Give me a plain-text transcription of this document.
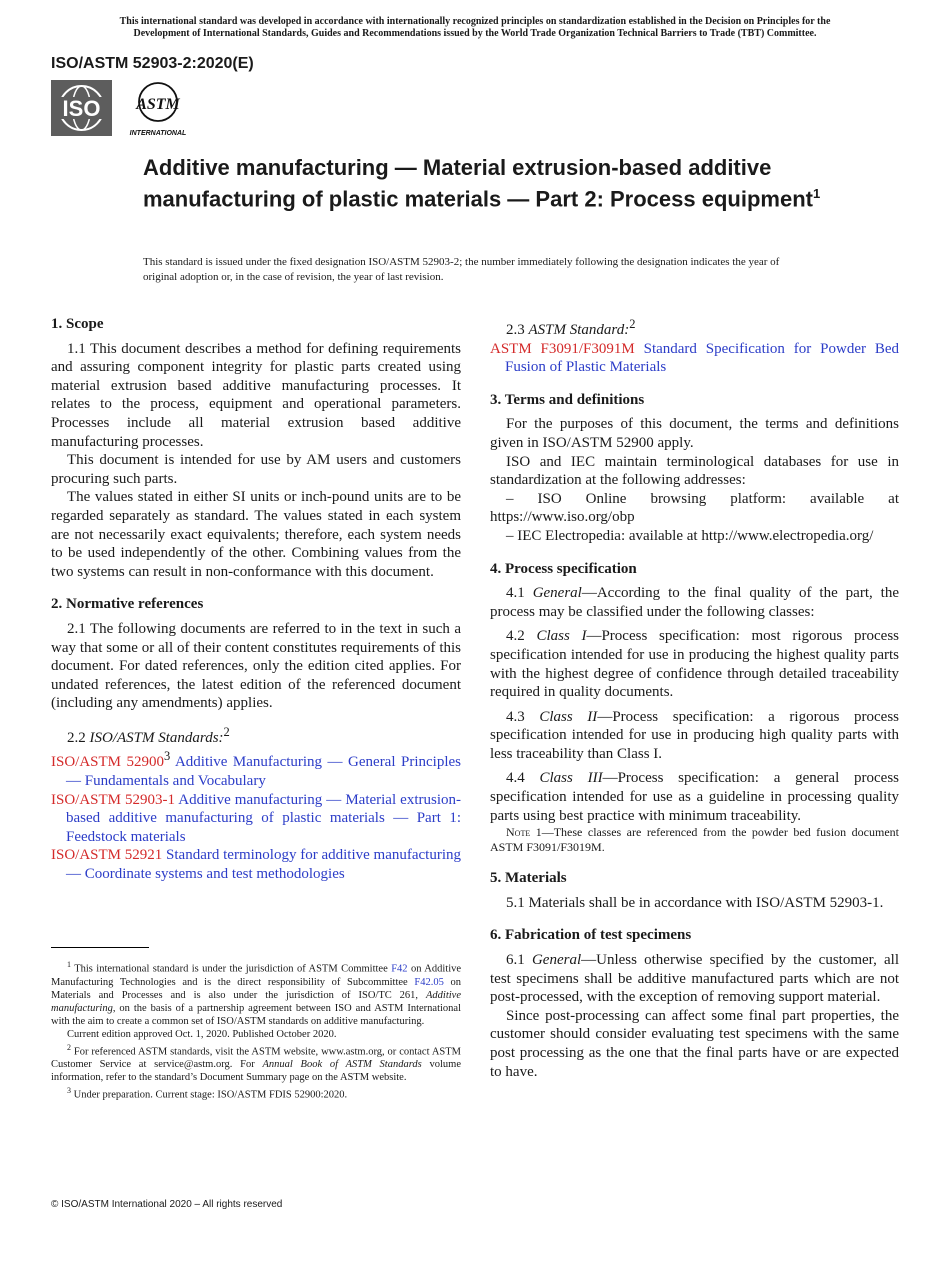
This international standard was developed in accordance with internationally recognized principles on standardization established in the Decision on Principles for the
Development of International Standards, Guides and Recommendations issued by the World Trade Organization Technical Barriers to Trade (TBT) Committee.
ISO/ASTM 52903-2:2020(E)
ISO ASTM
INTERNATIONAL
Additive manufacturing — Material extrusion-based additive manufacturing of plastic materials — Part 2: Process equipment$^1$
This standard is issued under the fixed designation ISO/ASTM 52903-2; the number immediately following the designation indicates the year of original adoption or, in the case of revision, the year of last revision.
1. Scope

1.1 This document describes a method for defining requirements and assuring component integrity for plastic parts created using material extrusion based additive manufacturing processes. It relates to the process, equipment and operational parameters. Processes include all material extrusion based additive manufacturing processes.

This document is intended for use by AM users and customers procuring such parts.

The values stated in either SI units or inch-pound units are to be regarded separately as standard. The values stated in each system are not necessarily exact equivalents; therefore, each system needs to be used independently of the other. Combining values from the two systems can result in non-conformance with this document.

2. Normative references

2.1 The following documents are referred to in the text in such a way that some or all of their content constitutes requirements of this document. For dated references, only the edition cited applies. For undated references, the latest edition of the referenced document (including any amendments) applies.

2.2 ISO/ASTM Standards:$^2$

ISO/ASTM 52900$^3$ Additive Manufacturing — General Principles — Fundamentals and Vocabulary
ISO/ASTM 52903-1 Additive manufacturing — Material extrusion-based additive manufacturing of plastic materials — Part 1: Feedstock materials
ISO/ASTM 52921 Standard terminology for additive manufacturing — Coordinate systems and test methodologies

2.3 ASTM Standard:$^2$

ASTM F3091/F3091M Standard Specification for Powder Bed Fusion of Plastic Materials
3. Terms and definitions

For the purposes of this document, the terms and definitions given in ISO/ASTM 52900 apply.

ISO and IEC maintain terminological databases for use in standardization at the following addresses:

– ISO Online browsing platform: available at https://www.iso.org/obp

– IEC Electropedia: available at http://www.electropedia.org/

4. Process specification

4.1 General—According to the final quality of the part, the process may be classified under the following classes:

4.2 Class I—Process specification: most rigorous process specification intended for use in producing the highest quality parts with the highest degree of confidence through detailed traceability required in quality documents.

4.3 Class II—Process specification: a rigorous process specification intended for use in producing high quality parts with less traceability than Class I.

4.4 Class III—Process specification: a general process specification intended for use as a guideline in processing quality parts using best practice with minimum traceability.

Note 1—These classes are referenced from the powder bed fusion document ASTM F3091/F3019M.

5. Materials

5.1 Materials shall be in accordance with ISO/ASTM 52903-1.

6. Fabrication of test specimens

6.1 General—Unless otherwise specified by the customer, all test specimens shall be additive manufactured parts which are not post-processed, with the exception of removing support material.

Since post-processing can affect some final part properties, the customer should consider evaluating test specimens with the same post processing as the one that the final parts have or are expected to have.

$^1$ This international standard is under the jurisdiction of ASTM Committee F42 on Additive Manufacturing Technologies and is the direct responsibility of Subcommittee F42.05 on Materials and Processes and is also under the jurisdiction of ISO/TC 261, Additive manufacturing, on the basis of a partnership agreement between ISO and ASTM International with the aim to create a common set of ISO/ASTM standards on additive manufacturing.

Current edition approved Oct. 1, 2020. Published October 2020.

$^2$ For referenced ASTM standards, visit the ASTM website, www.astm.org, or contact ASTM Customer Service at service@astm.org. For Annual Book of ASTM Standards volume information, refer to the standard’s Document Summary page on the ASTM website.

$^3$ Under preparation. Current stage: ISO/ASTM FDIS 52900:2020.

© ISO/ASTM International 2020 – All rights reserved
